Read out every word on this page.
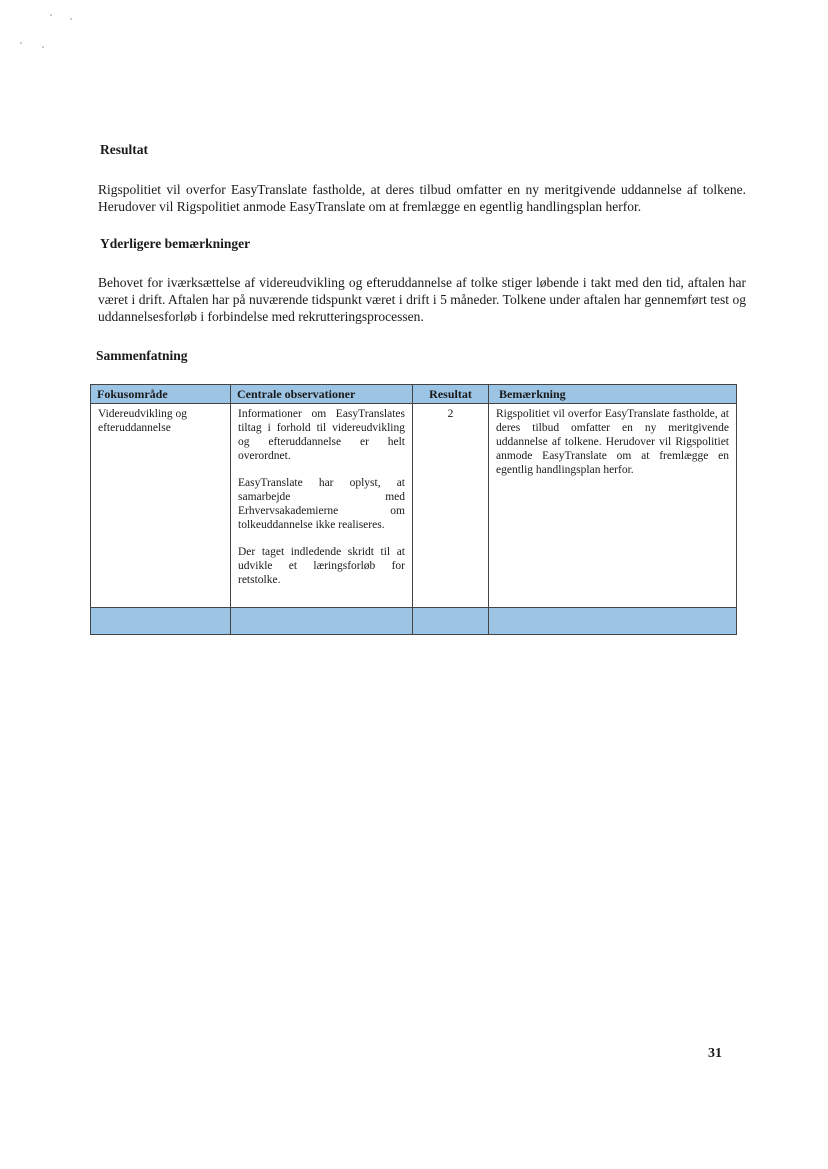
Resultat

Rigspolitiet vil overfor EasyTranslate fastholde, at deres tilbud omfatter en ny meritgivende uddannelse af tolkene. Herudover vil Rigspolitiet anmode EasyTranslate om at fremlægge en egentlig handlingsplan herfor.

Yderligere bemærkninger

Behovet for iværksættelse af videreudvikling og efteruddannelse af tolke stiger løbende i takt med den tid, aftalen har været i drift. Aftalen har på nuværende tidspunkt været i drift i 5 måneder. Tolkene under aftalen har gennemført test og uddannelsesforløb i forbindelse med rekrutteringsprocessen.

Sammenfatning
Fokusområde
Videreudvikling og efteruddannelse
Centrale observationer

Informationer om EasyTranslates tiltag i forhold til videreudvikling og efteruddannelse er helt overordnet.

EasyTranslate har oplyst, at samarbejde med Erhvervsakademierne om tolkeuddannelse ikke realiseres.

Der taget indledende skridt til at udvikle et læringsforløb for retstolke.

Resultat
2
Bemærkning
Rigspolitiet vil overfor EasyTranslate fastholde, at deres tilbud omfatter en ny meritgivende uddannelse af tolkene. Herudover vil Rigspolitiet anmode EasyTranslate om at fremlægge en egentlig handlingsplan herfor.
31
